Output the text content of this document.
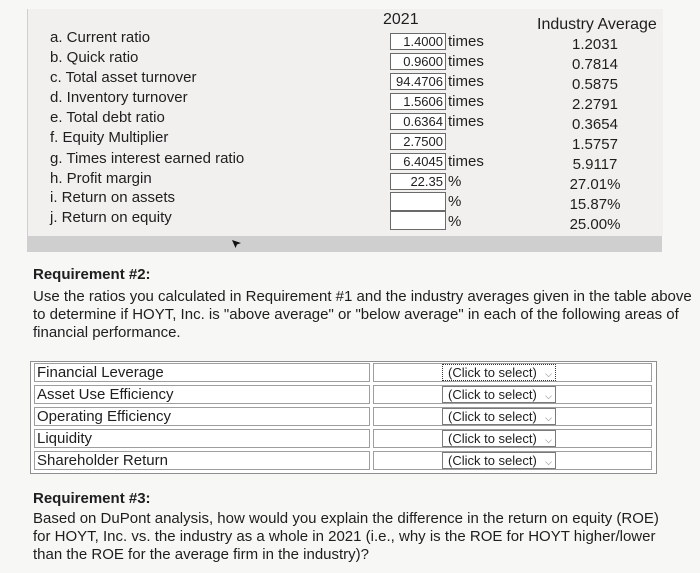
2021	Industry Average
a. Current ratio	1.4000 times	1.2031
b. Quick ratio	0.9600 times	0.7814
c. Total asset turnover	94.4706 times	0.5875
d. Inventory turnover	1.5606 times	2.2791
e. Total debt ratio	0.6364 times	0.3654
f. Equity Multiplier	2.7500	1.5757
g. Times interest earned ratio	6.4045 times	5.9117
h. Profit margin	22.35 %	27.01%
i. Return on assets	%	15.87%
j. Return on equity	%	25.00%
Requirement #2:
Use the ratios you calculated in Requirement #1 and the industry averages given in the table above to determine if HOYT, Inc. is "above average" or "below average" in each of the following areas of financial performance.
Financial Leverage	(Click to select) ⌵
Asset Use Efficiency	(Click to select) ⌵
Operating Efficiency	(Click to select) ⌵
Liquidity	(Click to select) ⌵
Shareholder Return	(Click to select) ⌵
Requirement #3:
Based on DuPont analysis, how would you explain the difference in the return on equity (ROE) for HOYT, Inc. vs. the industry as a whole in 2021 (i.e., why is the ROE for HOYT higher/lower than the ROE for the average firm in the industry)?
